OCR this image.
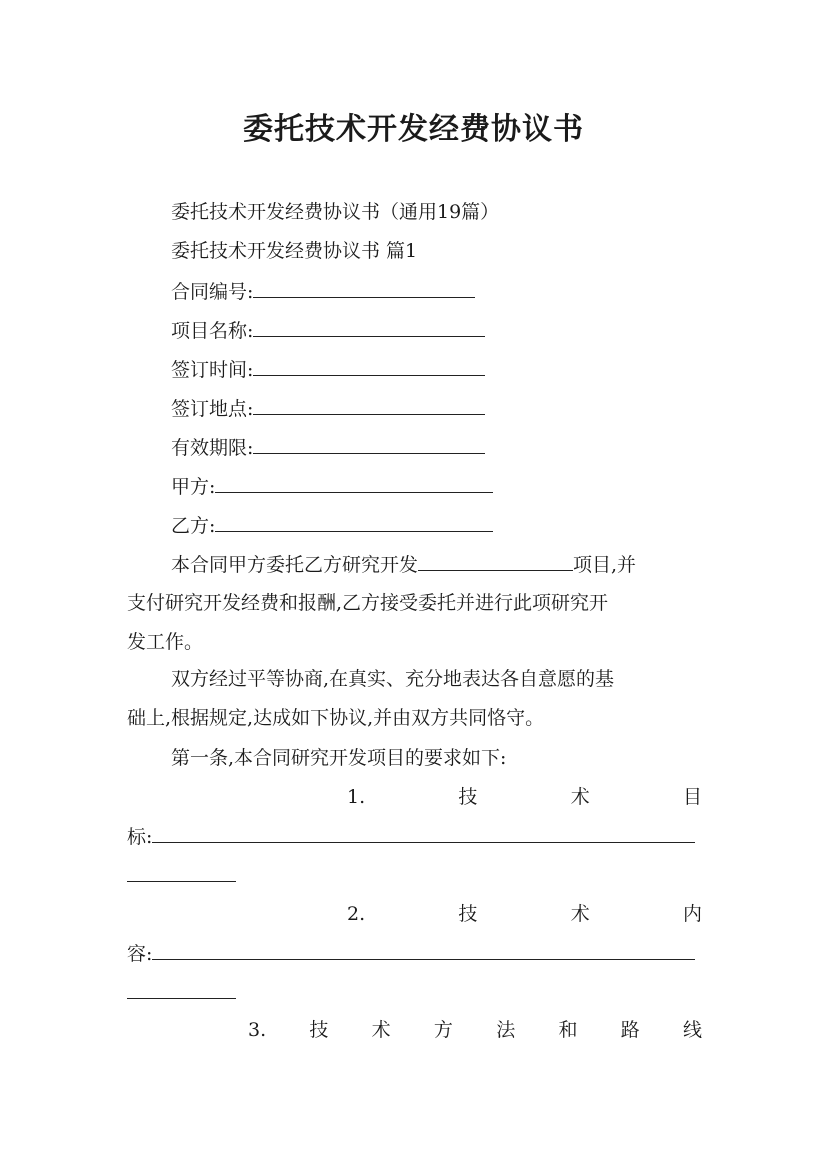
委托技术开发经费协议书
委托技术开发经费协议书（通用19篇）
委托技术开发经费协议书 篇1
合同编号:
项目名称:
签订时间:
签订地点:
有效期限:
甲方:
乙方:
本合同甲方委托乙方研究开发	项目,并
支付研究开发经费和报酬,乙方接受委托并进行此项研究开
发工作。
双方经过平等协商,在真实、充分地表达各自意愿的基
础上,根据规定,达成如下协议,并由双方共同恪守。
第一条,本合同研究开发项目的要求如下:
1.	技	术	目
标:
2.	技	术	内
容:
3. 技 术 方 法 和 路 线
